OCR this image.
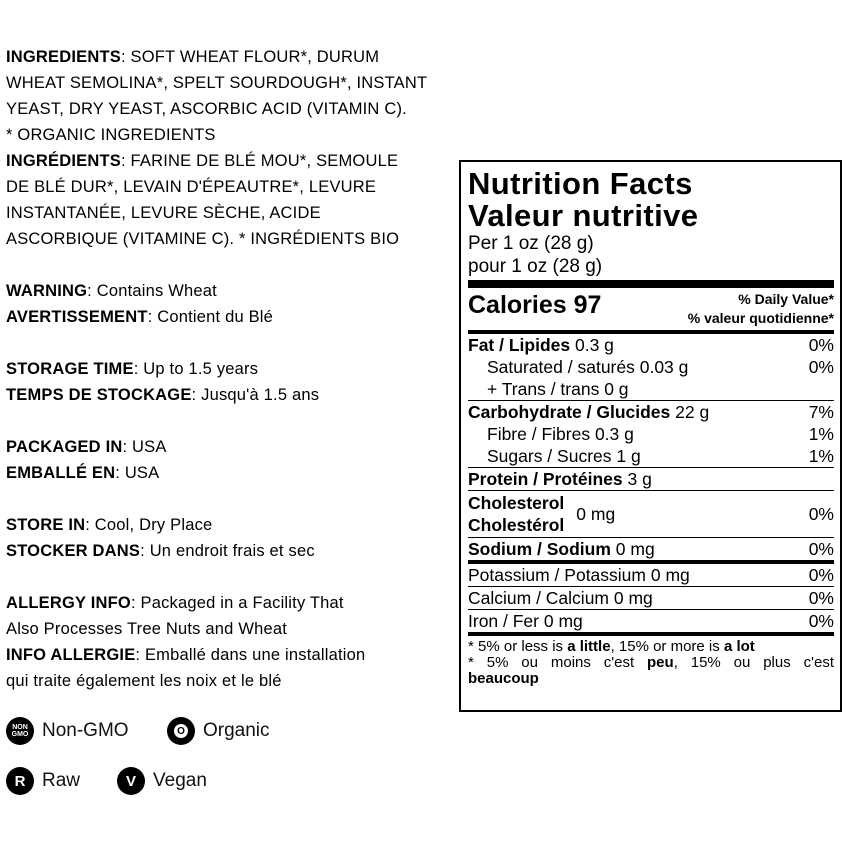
INGREDIENTS: SOFT WHEAT FLOUR*, DURUM

WHEAT SEMOLINA*, SPELT SOURDOUGH*, INSTANT

YEAST, DRY YEAST, ASCORBIC ACID (VITAMIN C).

* ORGANIC INGREDIENTS

INGRÉDIENTS: FARINE DE BLÉ MOU*, SEMOULE

DE BLÉ DUR*, LEVAIN D'ÉPEAUTRE*, LEVURE

INSTANTANÉE, LEVURE SÈCHE, ACIDE

ASCORBIQUE (VITAMINE C). * INGRÉDIENTS BIO

WARNING: Contains Wheat

AVERTISSEMENT: Contient du Blé

STORAGE TIME: Up to 1.5 years

TEMPS DE STOCKAGE: Jusqu'à 1.5 ans

PACKAGED IN: USA

EMBALLÉ EN: USA

STORE IN: Cool, Dry Place

STOCKER DANS: Un endroit frais et sec

ALLERGY INFO: Packaged in a Facility That

Also Processes Tree Nuts and Wheat

INFO ALLERGIE: Emballé dans une installation

qui traite également les noix et le blé

NON GMO Non-GMO	O Organic
R Raw	V Vegan
Nutrition Facts
Valeur nutritive
Per 1 oz (28 g)
pour 1 oz (28 g)
Calories 97	% Daily Value*
% valeur quotidienne*
Fat / Lipides 0.3 g	0%
Saturated / saturés 0.03 g	0%
+ Trans / trans 0 g
Carbohydrate / Glucides 22 g	7%
Fibre / Fibres 0.3 g	1%
Sugars / Sucres 1 g	1%
Protein / Protéines 3 g
Cholesterol
Cholestérol
0 mg	0%
Sodium / Sodium 0 mg	0%
Potassium / Potassium 0 mg	0%
Calcium / Calcium 0 mg	0%
Iron / Fer 0 mg	0%
* 5% or less is a little, 15% or more is a lot
* 5% ou moins c'est peu, 15% ou plus c'est
beaucoup
